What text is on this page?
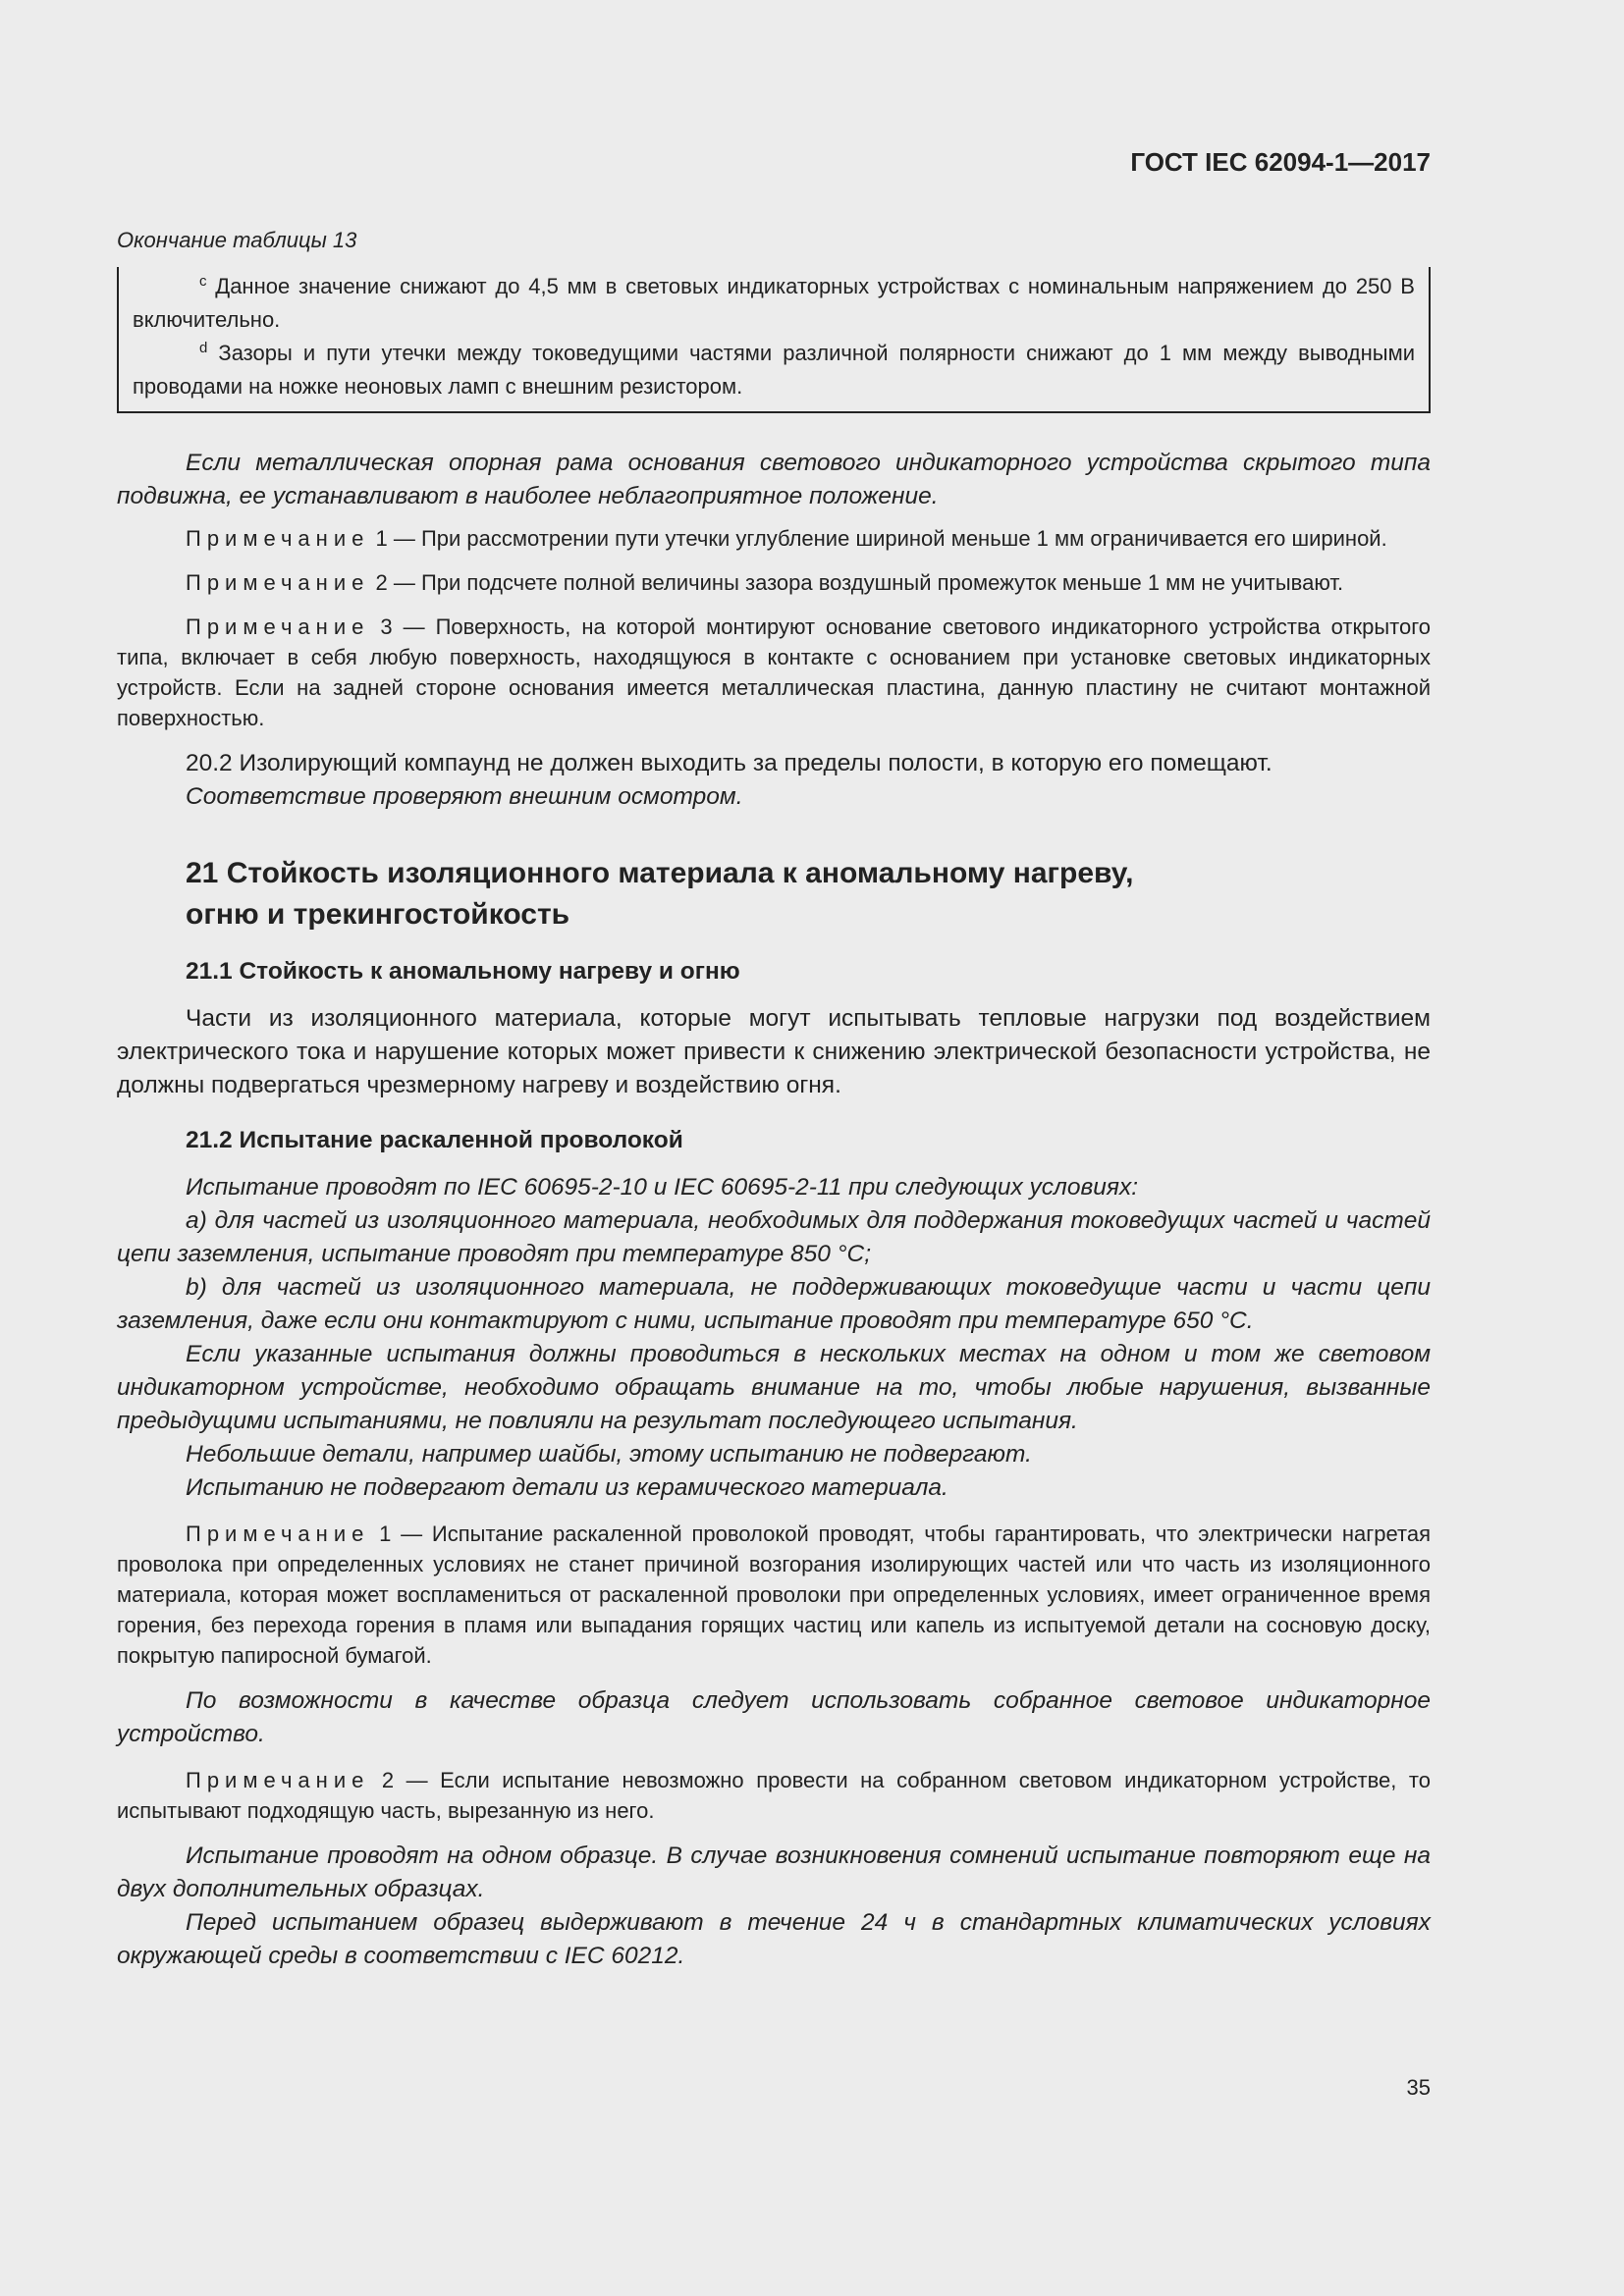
ГОСТ IEC 62094-1—2017

Окончание таблицы 13

$^c$ Данное значение снижают до 4,5 мм в световых индикаторных устройствах с номинальным напряжением до 250 В включительно.

$^d$ Зазоры и пути утечки между токоведущими частями различной полярности снижают до 1 мм между выводными проводами на ножке неоновых ламп с внешним резистором.

Если металлическая опорная рама основания светового индикаторного устройства скрытого типа подвижна, ее устанавливают в наиболее неблагоприятное положение.

Примечание 1 — При рассмотрении пути утечки углубление шириной меньше 1 мм ограничивается его шириной.

Примечание 2 — При подсчете полной величины зазора воздушный промежуток меньше 1 мм не учитывают.

Примечание 3 — Поверхность, на которой монтируют основание светового индикаторного устройства открытого типа, включает в себя любую поверхность, находящуюся в контакте с основанием при установке световых индикаторных устройств. Если на задней стороне основания имеется металлическая пластина, данную пластину не считают монтажной поверхностью.

20.2 Изолирующий компаунд не должен выходить за пределы полости, в которую его помещают.

Соответствие проверяют внешним осмотром.

21 Стойкость изоляционного материала к аномальному нагреву,
огню и трекингостойкость
21.1 Стойкость к аномальному нагреву и огню

Части из изоляционного материала, которые могут испытывать тепловые нагрузки под воздействием электрического тока и нарушение которых может привести к снижению электрической безопасности устройства, не должны подвергаться чрезмерному нагреву и воздействию огня.

21.2 Испытание раскаленной проволокой

Испытание проводят по IEC 60695-2-10 и IEC 60695-2-11 при следующих условиях:

a) для частей из изоляционного материала, необходимых для поддержания токоведущих частей и частей цепи заземления, испытание проводят при температуре 850 °C;

b) для частей из изоляционного материала, не поддерживающих токоведущие части и части цепи заземления, даже если они контактируют с ними, испытание проводят при температуре 650 °C.

Если указанные испытания должны проводиться в нескольких местах на одном и том же световом индикаторном устройстве, необходимо обращать внимание на то, чтобы любые нарушения, вызванные предыдущими испытаниями, не повлияли на результат последующего испытания.

Небольшие детали, например шайбы, этому испытанию не подвергают.

Испытанию не подвергают детали из керамического материала.

Примечание 1 — Испытание раскаленной проволокой проводят, чтобы гарантировать, что электрически нагретая проволока при определенных условиях не станет причиной возгорания изолирующих частей или что часть из изоляционного материала, которая может воспламениться от раскаленной проволоки при определенных условиях, имеет ограниченное время горения, без перехода горения в пламя или выпадания горящих частиц или капель из испытуемой детали на сосновую доску, покрытую папиросной бумагой.

По возможности в качестве образца следует использовать собранное световое индикаторное устройство.

Примечание 2 — Если испытание невозможно провести на собранном световом индикаторном устройстве, то испытывают подходящую часть, вырезанную из него.

Испытание проводят на одном образце. В случае возникновения сомнений испытание повторяют еще на двух дополнительных образцах.

Перед испытанием образец выдерживают в течение 24 ч в стандартных климатических условиях окружающей среды в соответствии с IEC 60212.

35
